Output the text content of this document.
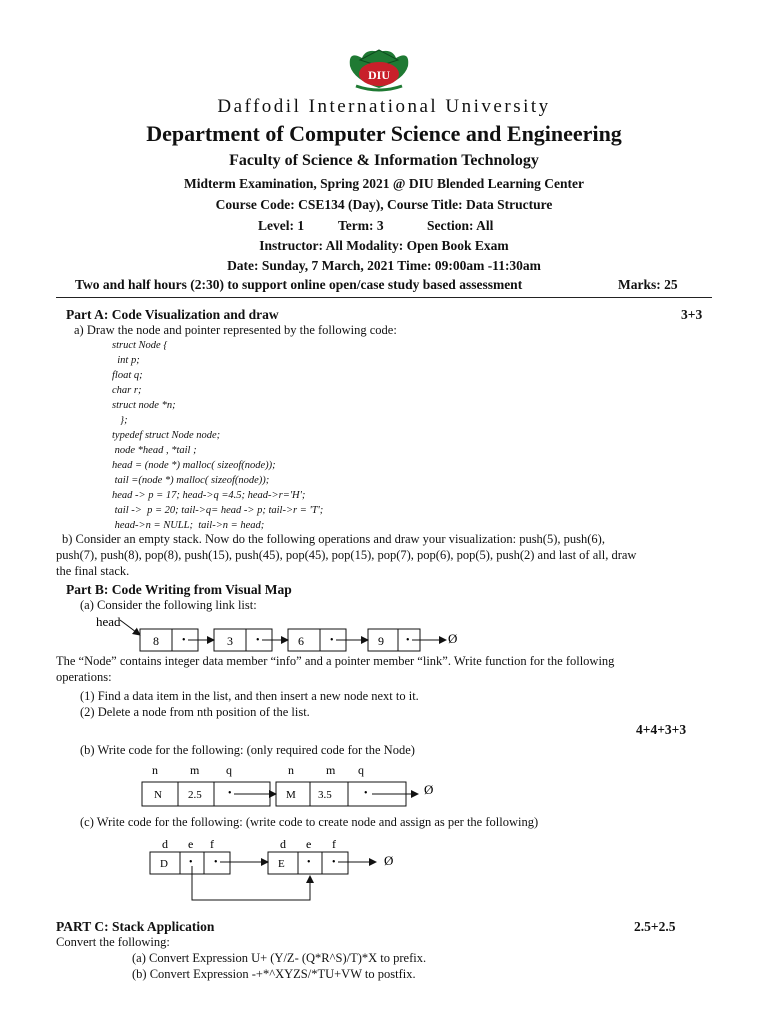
DIU
Daffodil International University
Department of Computer Science and Engineering
Faculty of Science & Information Technology
Midterm Examination, Spring 2021 @ DIU Blended Learning Center
Course Code: CSE134 (Day), Course Title: Data Structure
Level: 1	Term: 3	Section: All
Instructor: All Modality: Open Book Exam
Date: Sunday, 7 March, 2021 Time: 09:00am -11:30am
Two and half hours (2:30) to support online open/case study based assessment	Marks: 25
Part A: Code Visualization and draw	3+3
a) Draw the node and pointer represented by the following code:
struct Node {
int p;
float q;
char r;
struct node *n;
};
typedef struct Node node;
node *head , *tail ;
head = (node *) malloc( sizeof(node));
tail =(node *) malloc( sizeof(node));
head -> p = 17; head->q =4.5; head->r='H';
tail ->  p = 20; tail->q= head -> p; tail->r = 'T';
head->n = NULL;  tail->n = head;
b) Consider an empty stack. Now do the following operations and draw your visualization: push(5), push(6),
push(7), push(8), pop(8), push(15), push(45), pop(45), pop(15), pop(7), pop(6), pop(5), push(2) and last of all, draw
the final stack.
Part B: Code Writing from Visual Map
(a) Consider the following link list:
head
8 •	3 •	6	•	9 •	Ø
The “Node” contains integer data member “info” and a pointer member “link”. Write function for the following
operations:
(1) Find a data item in the list, and then insert a new node next to it.
(2) Delete a node from nth position of the list.
4+4+3+3
(b) Write code for the following: (only required code for the Node)
n	m q
N 2.5	•
n	m q
M 3.5	•	Ø
(c) Write code for the following: (write code to create node and assign as per the following)
d e f
D • •
d e f
E • •	Ø
PART C: Stack Application	2.5+2.5
Convert the following:
(a) Convert Expression U+ (Y/Z- (Q*R^S)/T)*X to prefix.
(b) Convert Expression -+*^XYZS/*TU+VW to postfix.
